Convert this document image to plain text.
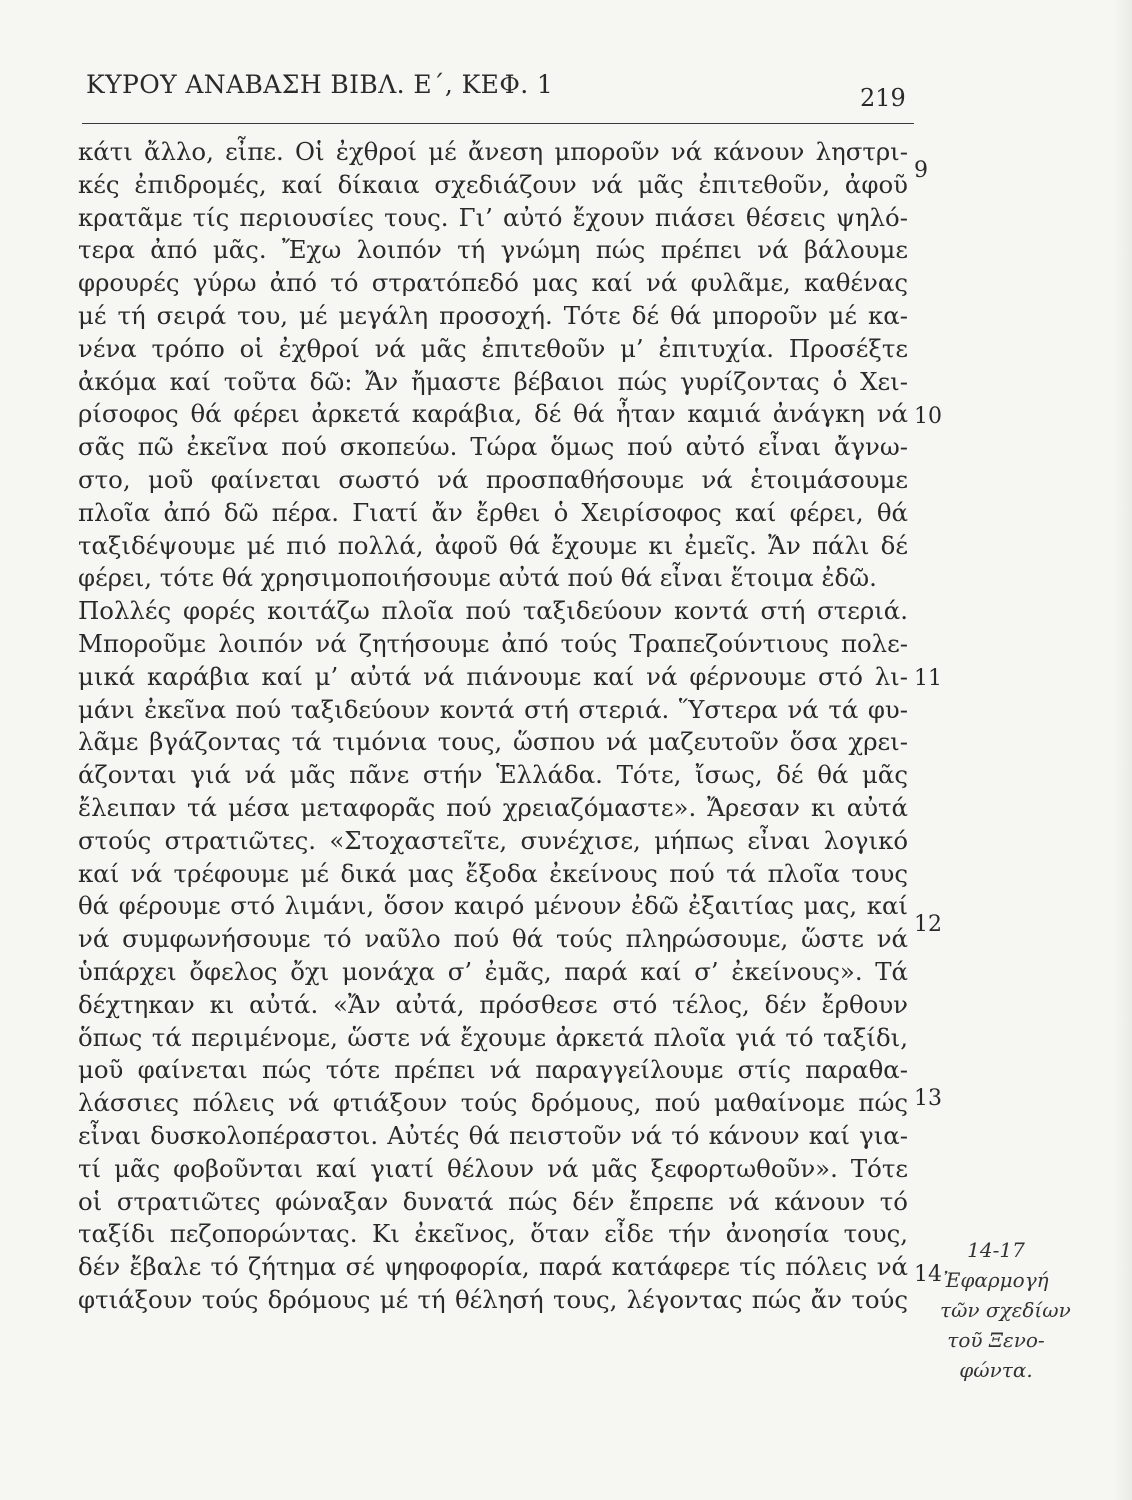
ΚΥΡΟΥ ΑΝΑΒΑΣΗ ΒΙΒΛ. Ε΄, ΚΕΦ. 1	219
κάτι ἄλλο, εἶπε. Οἱ ἐχθροί μέ ἄνεση μποροῦν νά κάνουν ληστρι-
κές ἐπιδρομές, καί δίκαια σχεδιάζουν νά μᾶς ἐπιτεθοῦν, ἀφοῦ
κρατᾶμε τίς περιουσίες τους. Γι’ αὐτό ἔχουν πιάσει θέσεις ψηλό-
τερα ἀπό μᾶς. Ἔχω λοιπόν τή γνώμη πώς πρέπει νά βάλουμε
φρουρές γύρω ἀπό τό στρατόπεδό μας καί νά φυλᾶμε, καθένας
μέ τή σειρά του, μέ μεγάλη προσοχή. Τότε δέ θά μποροῦν μέ κα-
νένα τρόπο οἱ ἐχθροί νά μᾶς ἐπιτεθοῦν μ’ ἐπιτυχία. Προσέξτε
ἀκόμα καί τοῦτα δῶ: Ἄν ἤμαστε βέβαιοι πώς γυρίζοντας ὁ Χει-
ρίσοφος θά φέρει ἀρκετά καράβια, δέ θά ἦταν καμιά ἀνάγκη νά
σᾶς πῶ ἐκεῖνα πού σκοπεύω. Τώρα ὅμως πού αὐτό εἶναι ἄγνω-
στο, μοῦ φαίνεται σωστό νά προσπαθήσουμε νά ἑτοιμάσουμε
πλοῖα ἀπό δῶ πέρα. Γιατί ἄν ἔρθει ὁ Χειρίσοφος καί φέρει, θά
ταξιδέψουμε μέ πιό πολλά, ἀφοῦ θά ἔχουμε κι ἐμεῖς. Ἄν πάλι δέ
φέρει, τότε θά χρησιμοποιήσουμε αὐτά πού θά εἶναι ἕτοιμα ἐδῶ.
Πολλές φορές κοιτάζω πλοῖα πού ταξιδεύουν κοντά στή στεριά.
Μποροῦμε λοιπόν νά ζητήσουμε ἀπό τούς Τραπεζούντιους πολε-
μικά καράβια καί μ’ αὐτά νά πιάνουμε καί νά φέρνουμε στό λι-
μάνι ἐκεῖνα πού ταξιδεύουν κοντά στή στεριά. Ὕστερα νά τά φυ-
λᾶμε βγάζοντας τά τιμόνια τους, ὥσπου νά μαζευτοῦν ὅσα χρει-
άζονται γιά νά μᾶς πᾶνε στήν Ἑλλάδα. Τότε, ἴσως, δέ θά μᾶς
ἔλειπαν τά μέσα μεταφορᾶς πού χρειαζόμαστε». Ἄρεσαν κι αὐτά
στούς στρατιῶτες. «Στοχαστεῖτε, συνέχισε, μήπως εἶναι λογικό
καί νά τρέφουμε μέ δικά μας ἔξοδα ἐκείνους πού τά πλοῖα τους
θά φέρουμε στό λιμάνι, ὅσον καιρό μένουν ἐδῶ ἐξαιτίας μας, καί
νά συμφωνήσουμε τό ναῦλο πού θά τούς πληρώσουμε, ὥστε νά
ὑπάρχει ὄφελος ὄχι μονάχα σ’ ἐμᾶς, παρά καί σ’ ἐκείνους». Τά
δέχτηκαν κι αὐτά. «Ἄν αὐτά, πρόσθεσε στό τέλος, δέν ἔρθουν
ὅπως τά περιμένομε, ὥστε νά ἔχουμε ἀρκετά πλοῖα γιά τό ταξίδι,
μοῦ φαίνεται πώς τότε πρέπει νά παραγγείλουμε στίς παραθα-
λάσσιες πόλεις νά φτιάξουν τούς δρόμους, πού μαθαίνομε πώς
εἶναι δυσκολοπέραστοι. Αὐτές θά πειστοῦν νά τό κάνουν καί για-
τί μᾶς φοβοῦνται καί γιατί θέλουν νά μᾶς ξεφορτωθοῦν». Τότε
οἱ στρατιῶτες φώναξαν δυνατά πώς δέν ἔπρεπε νά κάνουν τό
ταξίδι πεζοπορώντας. Κι ἐκεῖνος, ὅταν εἶδε τήν ἀνοησία τους,
δέν ἔβαλε τό ζήτημα σέ ψηφοφορία, παρά κατάφερε τίς πόλεις νά
φτιάξουν τούς δρόμους μέ τή θέλησή τους, λέγοντας πώς ἄν τούς
9
10
11
12
13
14
14-17
Ἐφαρμογή
τῶν σχεδίων
τοῦ Ξενο-
φώντα.
